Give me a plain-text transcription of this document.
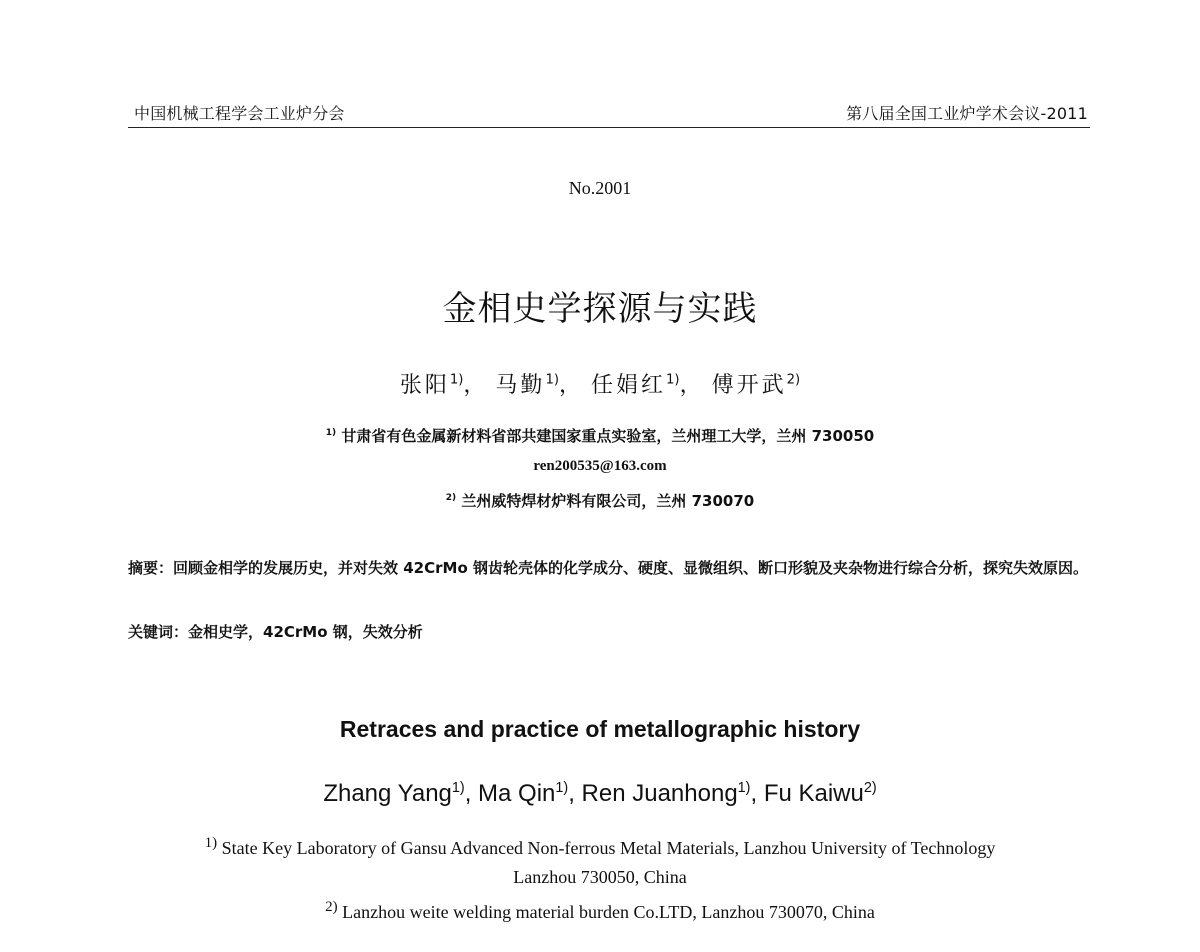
中国机械工程学会工业炉分会	第八届全国工业炉学术会议-2011
No.2001
金相史学探源与实践
张阳$^{1)}$， 马勤$^{1)}$， 任娟红$^{1)}$， 傅开武$^{2)}$
$^{1)}$ 甘肃省有色金属新材料省部共建国家重点实验室，兰州理工大学，兰州 730050
ren200535@163.com
$^{2)}$ 兰州威特焊材炉料有限公司，兰州 730070
摘要：回顾金相学的发展历史，并对失效 42CrMo 钢齿轮壳体的化学成分、硬度、显微组织、断口形貌及夹杂物进行综合分析，探究失效原因。
关键词：金相史学，42CrMo 钢，失效分析
Retraces and practice of metallographic history
Zhang Yang$^{1)}$, Ma Qin$^{1)}$, Ren Juanhong$^{1)}$, Fu Kaiwu$^{2)}$
$^{1)}$ State Key Laboratory of Gansu Advanced Non-ferrous Metal Materials, Lanzhou University of Technology
Lanzhou 730050, China
$^{2)}$ Lanzhou weite welding material burden Co.LTD, Lanzhou 730070, China
